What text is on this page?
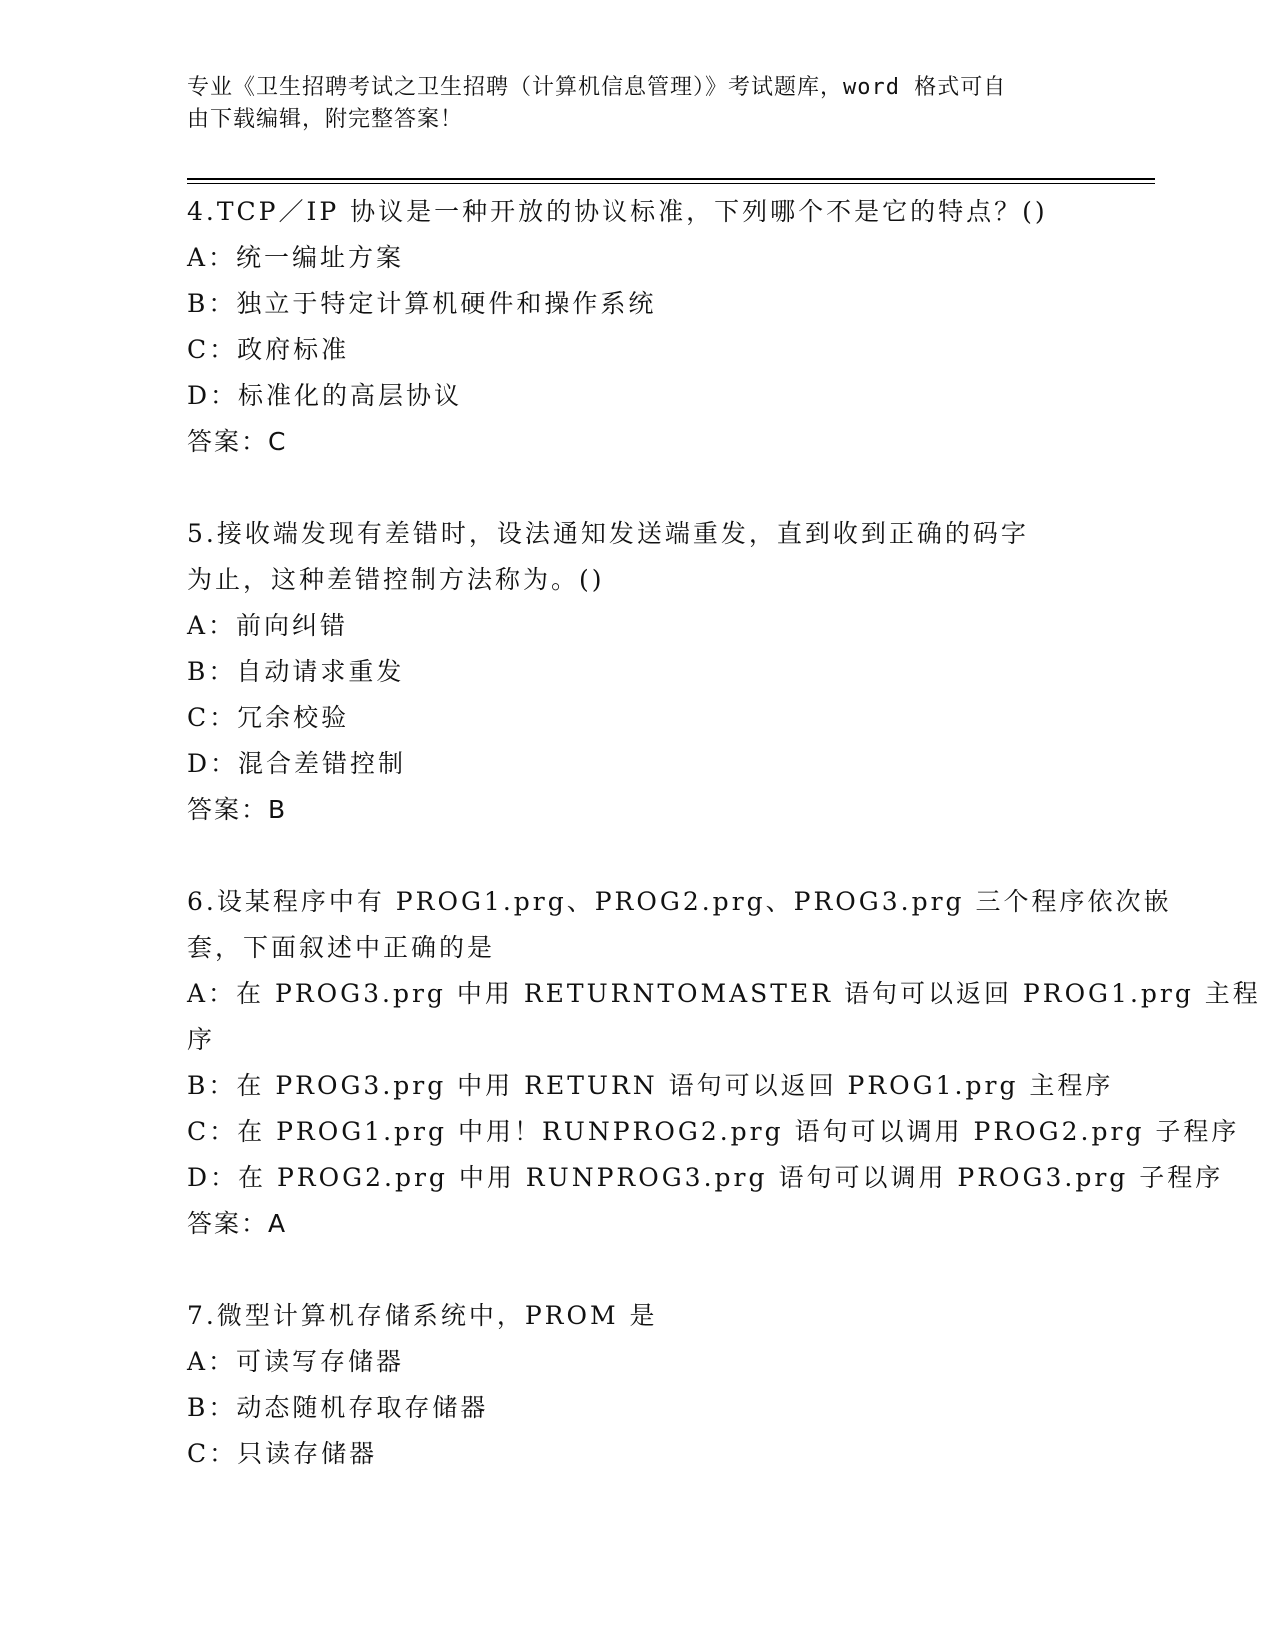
专业《卫生招聘考试之卫生招聘（计算机信息管理）》考试题库，word 格式可自

由下载编辑，附完整答案！

4.TCP／IP 协议是一种开放的协议标准，下列哪个不是它的特点？()
A：统一编址方案
B：独立于特定计算机硬件和操作系统
C：政府标准
D：标准化的高层协议
答案：C
5.接收端发现有差错时，设法通知发送端重发，直到收到正确的码字
为止，这种差错控制方法称为。()
A：前向纠错
B：自动请求重发
C：冗余校验
D：混合差错控制
答案：B
6.设某程序中有 PROG1.prg、PROG2.prg、PROG3.prg 三个程序依次嵌
套，下面叙述中正确的是
A：在 PROG3.prg 中用 RETURNTOMASTER 语句可以返回 PROG1.prg 主程
序
B：在 PROG3.prg 中用 RETURN 语句可以返回 PROG1.prg 主程序
C：在 PROG1.prg 中用！RUNPROG2.prg 语句可以调用 PROG2.prg 子程序
D：在 PROG2.prg 中用 RUNPROG3.prg 语句可以调用 PROG3.prg 子程序
答案：A
7.微型计算机存储系统中，PROM 是
A：可读写存储器
B：动态随机存取存储器
C：只读存储器
